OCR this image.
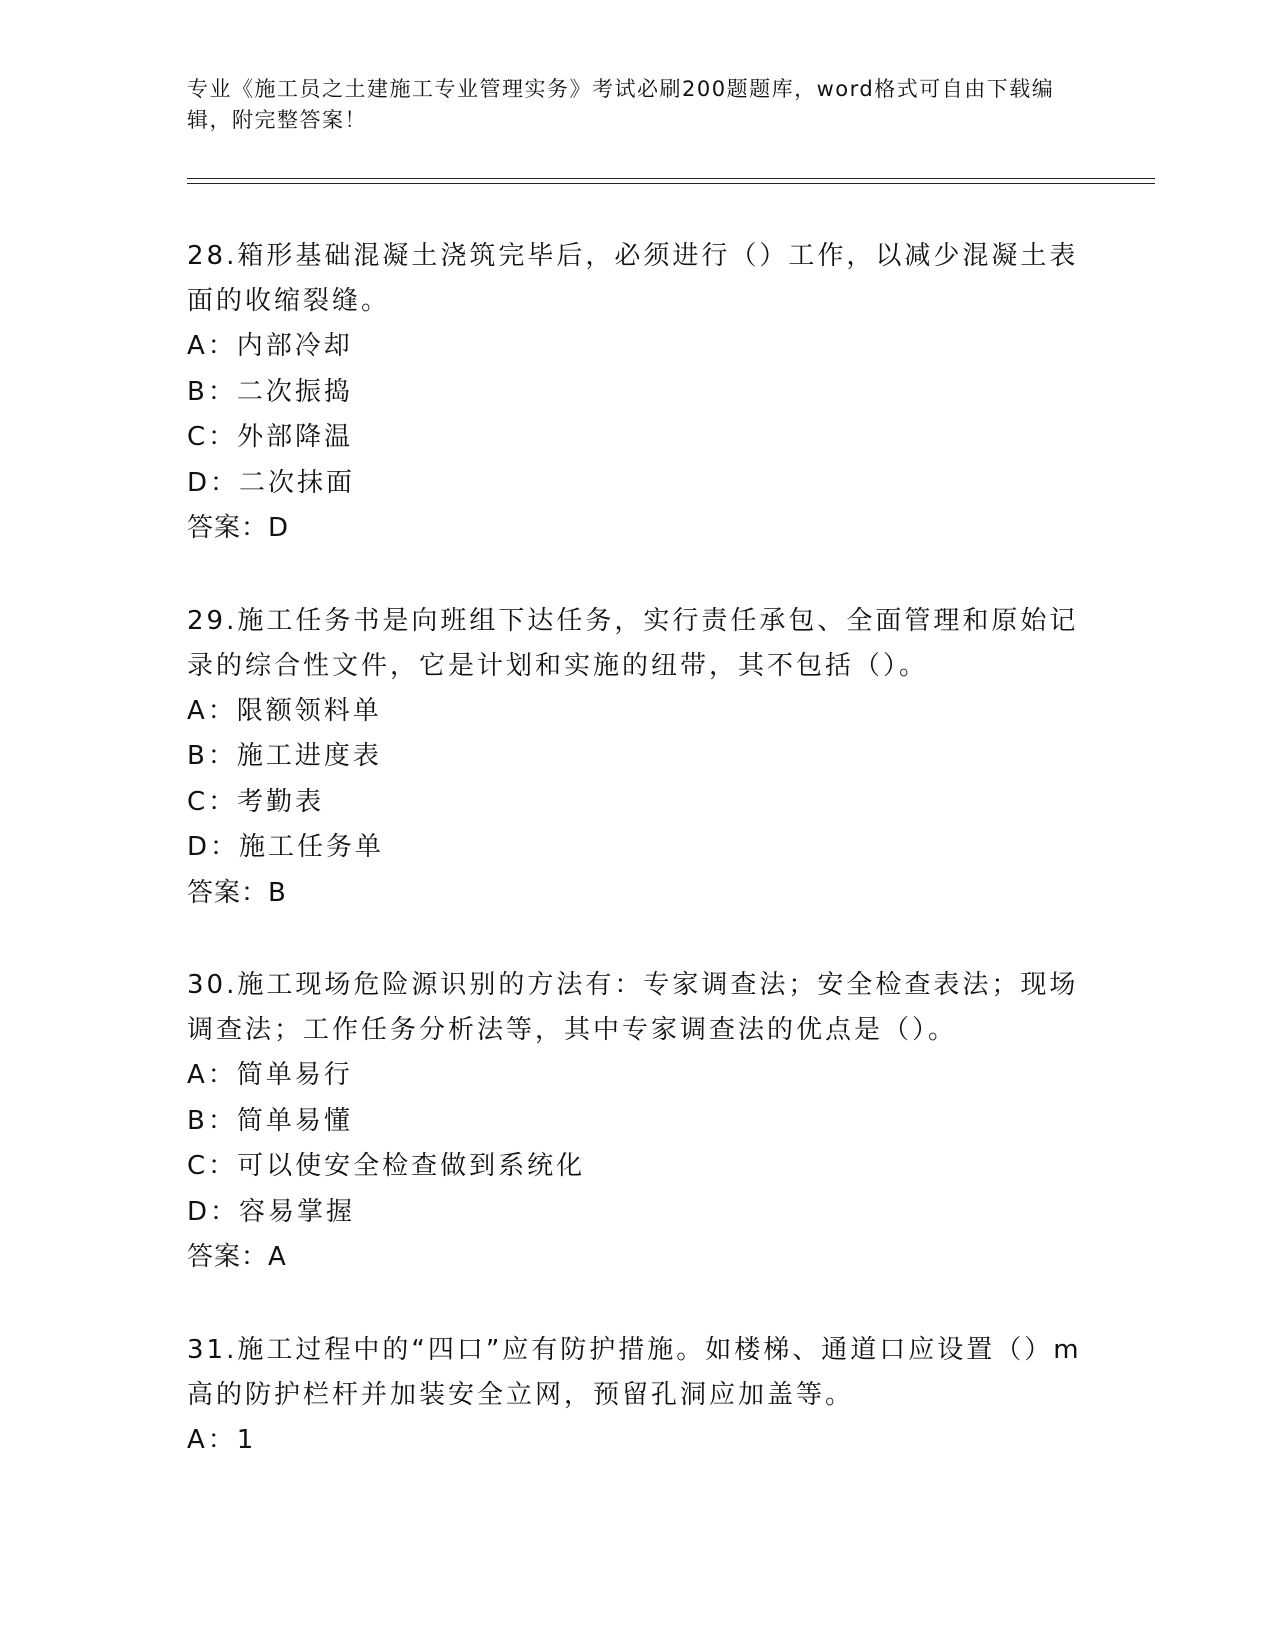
专业《施工员之土建施工专业管理实务》考试必刷200题题库，word格式可自由下载编辑，附完整答案！

28.箱形基础混凝土浇筑完毕后，必须进行（）工作，以减少混凝土表面的收缩裂缝。

A：内部冷却
B：二次振捣
C：外部降温
D：二次抹面
答案：D

29.施工任务书是向班组下达任务，实行责任承包、全面管理和原始记录的综合性文件，它是计划和实施的纽带，其不包括（）。

A：限额领料单
B：施工进度表
C：考勤表
D：施工任务单
答案：B

30.施工现场危险源识别的方法有：专家调查法；安全检查表法；现场调查法；工作任务分析法等，其中专家调查法的优点是（）。

A：简单易行
B：简单易懂
C：可以使安全检查做到系统化
D：容易掌握
答案：A

31.施工过程中的“四口”应有防护措施。如楼梯、通道口应设置（）m高的防护栏杆并加装安全立网，预留孔洞应加盖等。

A：1
